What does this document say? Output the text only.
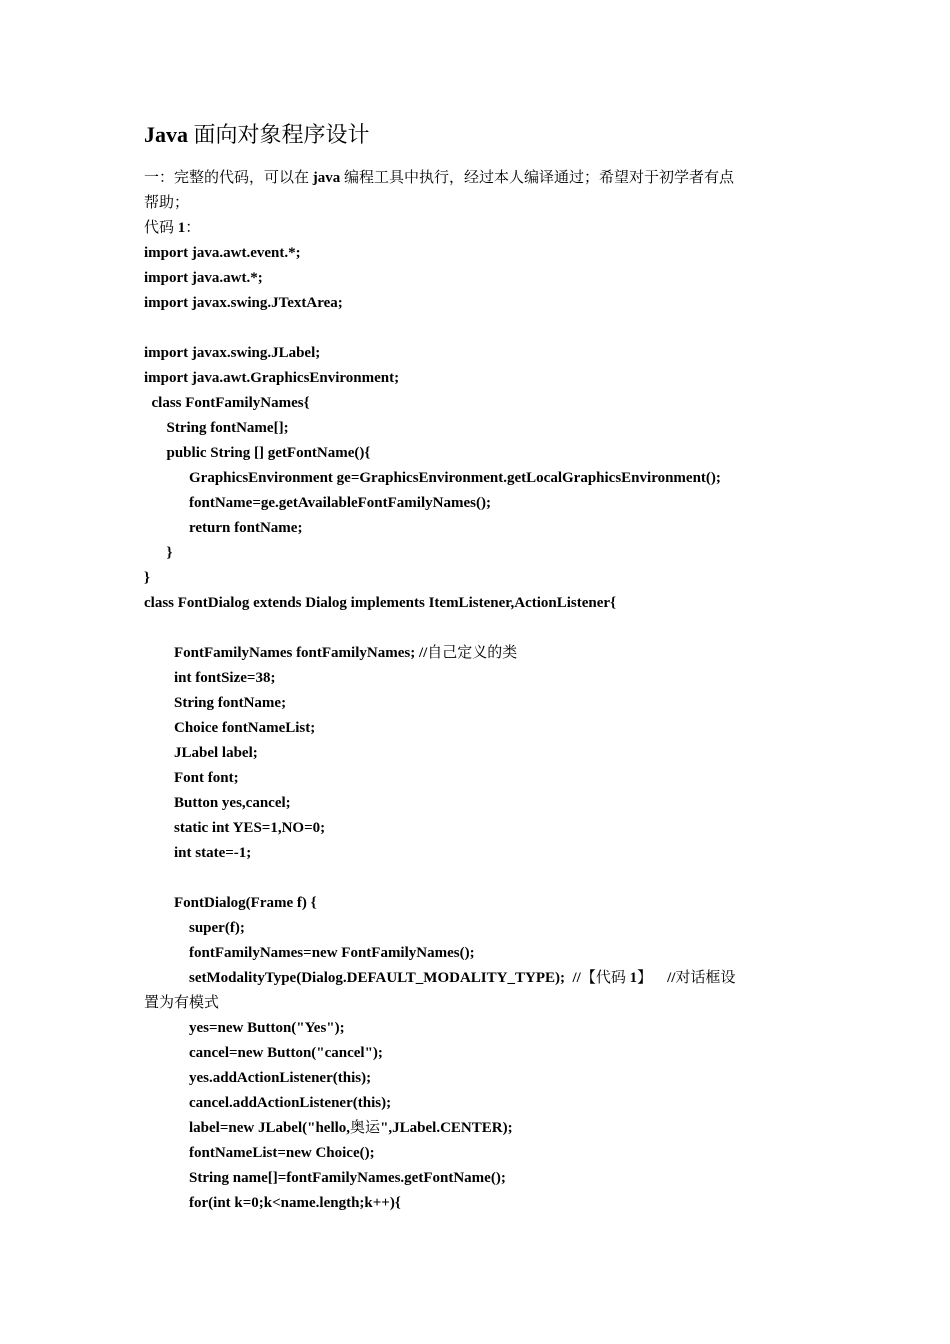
Java 面向对象程序设计
一：完整的代码，可以在 java 编程工具中执行，经过本人编译通过；希望对于初学者有点
帮助；
代码 1：
import java.awt.event.*;
import java.awt.*;
import javax.swing.JTextArea;
import javax.swing.JLabel;
import java.awt.GraphicsEnvironment;
class FontFamilyNames{
String fontName[];
public String [] getFontName(){
GraphicsEnvironment ge=GraphicsEnvironment.getLocalGraphicsEnvironment();
fontName=ge.getAvailableFontFamilyNames();
return fontName;
}
}
class FontDialog extends Dialog implements ItemListener,ActionListener{
FontFamilyNames fontFamilyNames; //自己定义的类
int fontSize=38;
String fontName;
Choice fontNameList;
JLabel label;
Font font;
Button yes,cancel;
static int YES=1,NO=0;
int state=-1;
FontDialog(Frame f) {
super(f);
fontFamilyNames=new FontFamilyNames();
setModalityType(Dialog.DEFAULT_MODALITY_TYPE);  //【代码 1】    //对话框设
置为有模式
yes=new Button("Yes");
cancel=new Button("cancel");
yes.addActionListener(this);
cancel.addActionListener(this);
label=new JLabel("hello,奥运",JLabel.CENTER);
fontNameList=new Choice();
String name[]=fontFamilyNames.getFontName();
for(int k=0;k<name.length;k++){
